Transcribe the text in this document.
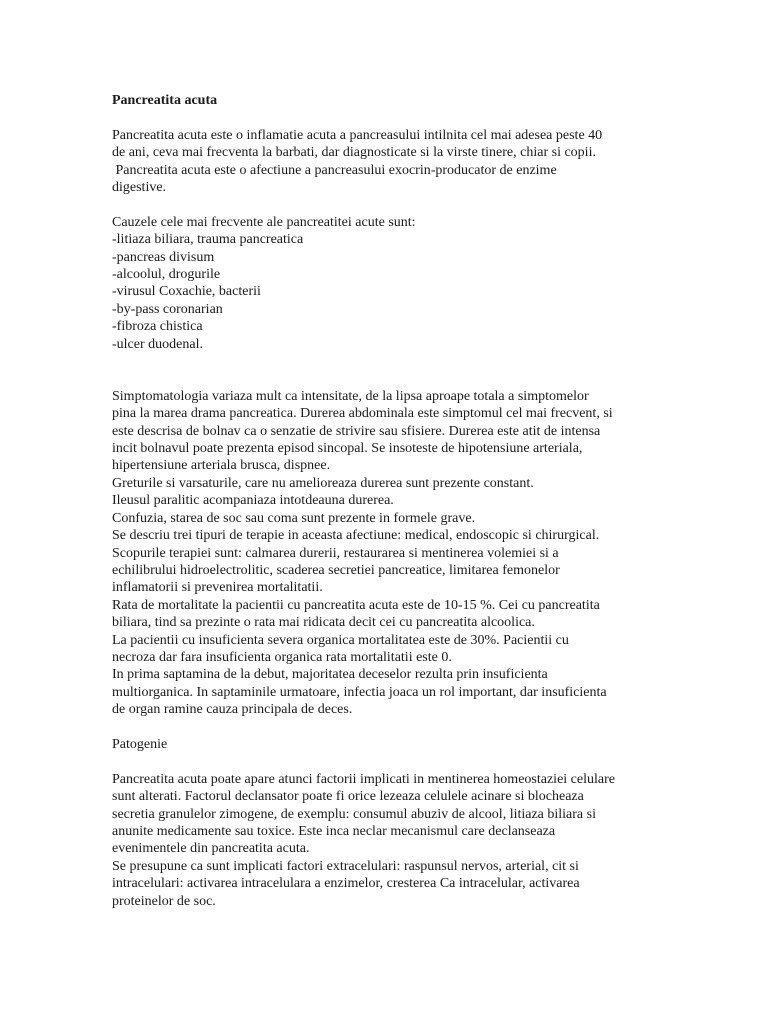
Pancreatita acuta
Pancreatita acuta este o inflamatie acuta a pancreasului intilnita cel mai adesea peste 40
de ani, ceva mai frecventa la barbati, dar diagnosticate si la virste tinere, chiar si copii.
Pancreatita acuta este o afectiune a pancreasului exocrin-producator de enzime
digestive.
Cauzele cele mai frecvente ale pancreatitei acute sunt:
-litiaza biliara, trauma pancreatica
-pancreas divisum
-alcoolul, drogurile
-virusul Coxachie, bacterii
-by-pass coronarian
-fibroza chistica
-ulcer duodenal.
Simptomatologia variaza mult ca intensitate, de la lipsa aproape totala a simptomelor
pina la marea drama pancreatica. Durerea abdominala este simptomul cel mai frecvent, si
este descrisa de bolnav ca o senzatie de strivire sau sfisiere. Durerea este atit de intensa
incit bolnavul poate prezenta episod sincopal. Se insoteste de hipotensiune arteriala,
hipertensiune arteriala brusca, dispnee.
Greturile si varsaturile, care nu amelioreaza durerea sunt prezente constant.
Ileusul paralitic acompaniaza intotdeauna durerea.
Confuzia, starea de soc sau coma sunt prezente in formele grave.
Se descriu trei tipuri de terapie in aceasta afectiune: medical, endoscopic si chirurgical.
Scopurile terapiei sunt: calmarea durerii, restaurarea si mentinerea volemiei si a
echilibrului hidroelectrolitic, scaderea secretiei pancreatice, limitarea femonelor
inflamatorii si prevenirea mortalitatii.
Rata de mortalitate la pacientii cu pancreatita acuta este de 10-15 %. Cei cu pancreatita
biliara, tind sa prezinte o rata mai ridicata decit cei cu pancreatita alcoolica.
La pacientii cu insuficienta severa organica mortalitatea este de 30%. Pacientii cu
necroza dar fara insuficienta organica rata mortalitatii este 0.
In prima saptamina de la debut, majoritatea deceselor rezulta prin insuficienta
multiorganica. In saptaminile urmatoare, infectia joaca un rol important, dar insuficienta
de organ ramine cauza principala de deces.
Patogenie
Pancreatita acuta poate apare atunci factorii implicati in mentinerea homeostaziei celulare
sunt alterati. Factorul declansator poate fi orice lezeaza celulele acinare si blocheaza
secretia granulelor zimogene, de exemplu: consumul abuziv de alcool, litiaza biliara si
anunite medicamente sau toxice. Este inca neclar mecanismul care declanseaza
evenimentele din pancreatita acuta.
Se presupune ca sunt implicati factori extracelulari: raspunsul nervos, arterial, cit si
intracelulari: activarea intracelulara a enzimelor, cresterea Ca intracelular, activarea
proteinelor de soc.
